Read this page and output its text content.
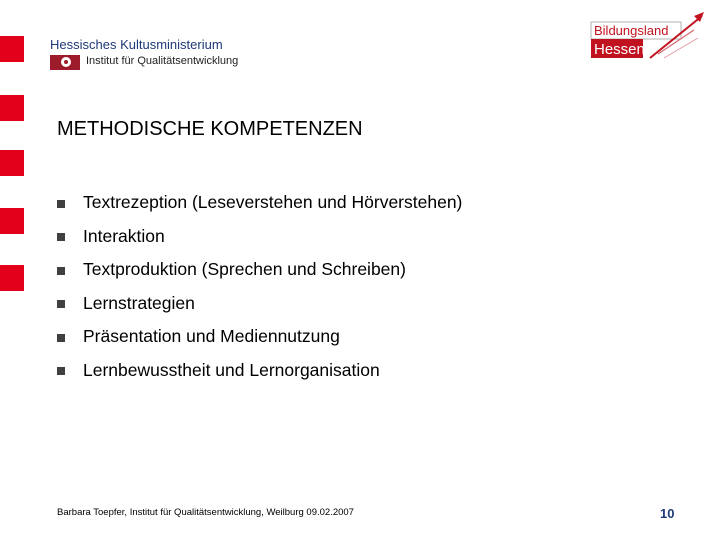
Hessisches Kultusministerium
Institut für Qualitätsentwicklung
Bildungsland
Hessen
METHODISCHE KOMPETENZEN
Textrezeption (Leseverstehen und Hörverstehen)
Interaktion
Textproduktion (Sprechen und Schreiben)
Lernstrategien
Präsentation und Mediennutzung
Lernbewusstheit und Lernorganisation
Barbara Toepfer, Institut für Qualitätsentwicklung, Weilburg 09.02.2007	10
